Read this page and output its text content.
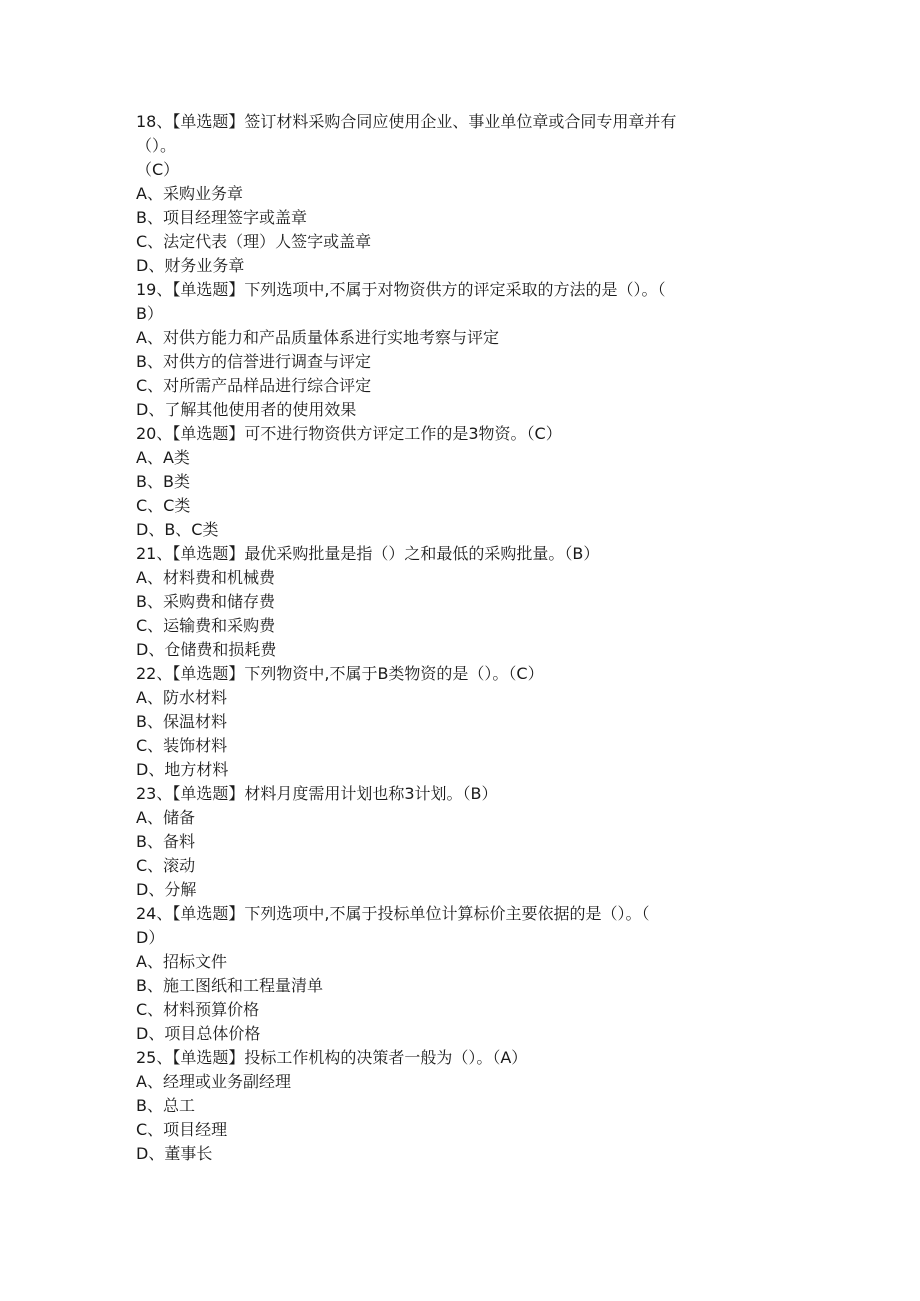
18、【单选题】签订材料采购合同应使用企业、事业单位章或合同专用章并有
（）。
（C）
A、采购业务章
B、项目经理签字或盖章
C、法定代表（理）人签字或盖章
D、财务业务章
19、【单选题】下列选项中,不属于对物资供方的评定采取的方法的是（）。（
B）
A、对供方能力和产品质量体系进行实地考察与评定
B、对供方的信誉进行调查与评定
C、对所需产品样品进行综合评定
D、了解其他使用者的使用效果
20、【单选题】可不进行物资供方评定工作的是3物资。（C）
A、A类
B、B类
C、C类
D、B、C类
21、【单选题】最优采购批量是指（）之和最低的采购批量。（B）
A、材料费和机械费
B、采购费和储存费
C、运输费和采购费
D、仓储费和损耗费
22、【单选题】下列物资中,不属于B类物资的是（）。（C）
A、防水材料
B、保温材料
C、装饰材料
D、地方材料
23、【单选题】材料月度需用计划也称3计划。（B）
A、储备
B、备料
C、滚动
D、分解
24、【单选题】下列选项中,不属于投标单位计算标价主要依据的是（）。（
D）
A、招标文件
B、施工图纸和工程量清单
C、材料预算价格
D、项目总体价格
25、【单选题】投标工作机构的决策者一般为（）。（A）
A、经理或业务副经理
B、总工
C、项目经理
D、董事长
